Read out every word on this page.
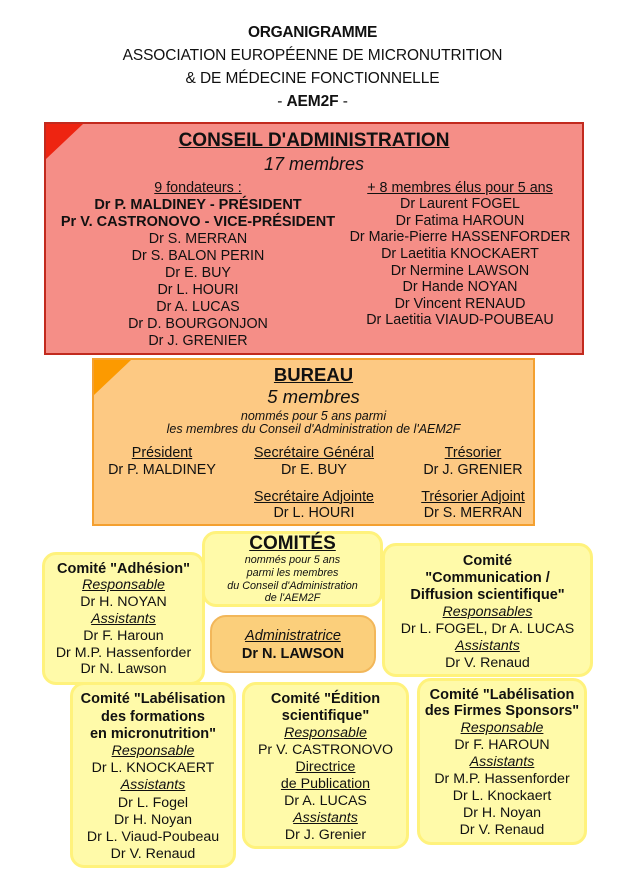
ORGANIGRAMME
ASSOCIATION EUROPÉENNE DE MICRONUTRITION
& DE MÉDECINE FONCTIONNELLE
- AEM2F -
CONSEIL D'ADMINISTRATION
17 membres
9 fondateurs :
Dr P. MALDINEY - PRÉSIDENT
Pr V. CASTRONOVO - VICE-PRÉSIDENT
Dr S. MERRAN
Dr S. BALON PERIN
Dr E. BUY
Dr L. HOURI
Dr A. LUCAS
Dr D. BOURGONJON
Dr J. GRENIER
+ 8 membres élus pour 5 ans
Dr Laurent FOGEL
Dr Fatima HAROUN
Dr Marie-Pierre HASSENFORDER
Dr Laetitia KNOCKAERT
Dr Nermine LAWSON
Dr Hande NOYAN
Dr Vincent RENAUD
Dr Laetitia VIAUD-POUBEAU
BUREAU
5 membres
nommés pour 5 ans parmi
les membres du Conseil d'Administration de l'AEM2F
Président
Dr P. MALDINEY
Secrétaire Général
Dr E. BUY
Trésorier
Dr J. GRENIER
Secrétaire Adjointe
Dr L. HOURI
Trésorier Adjoint
Dr S. MERRAN
Comité "Adhésion"
Responsable
Dr H. NOYAN
Assistants
Dr F. Haroun
Dr M.P. Hassenforder
Dr N. Lawson
COMITÉS
nommés pour 5 ans
parmi les membres
du Conseil d'Administration
de l'AEM2F
Administratrice
Dr N. LAWSON
Comité
"Communication /
Diffusion scientifique"
Responsables
Dr L. FOGEL, Dr A. LUCAS
Assistants
Dr V. Renaud
Comité "Labélisation
des formations
en micronutrition"
Responsable
Dr L. KNOCKAERT
Assistants
Dr L. Fogel
Dr H. Noyan
Dr L. Viaud-Poubeau
Dr V. Renaud
Comité "Édition
scientifique"
Responsable
Pr V. CASTRONOVO
Directrice
de Publication
Dr A. LUCAS
Assistants
Dr J. Grenier
Comité "Labélisation
des Firmes Sponsors"
Responsable
Dr F. HAROUN
Assistants
Dr M.P. Hassenforder
Dr L. Knockaert
Dr H. Noyan
Dr V. Renaud
